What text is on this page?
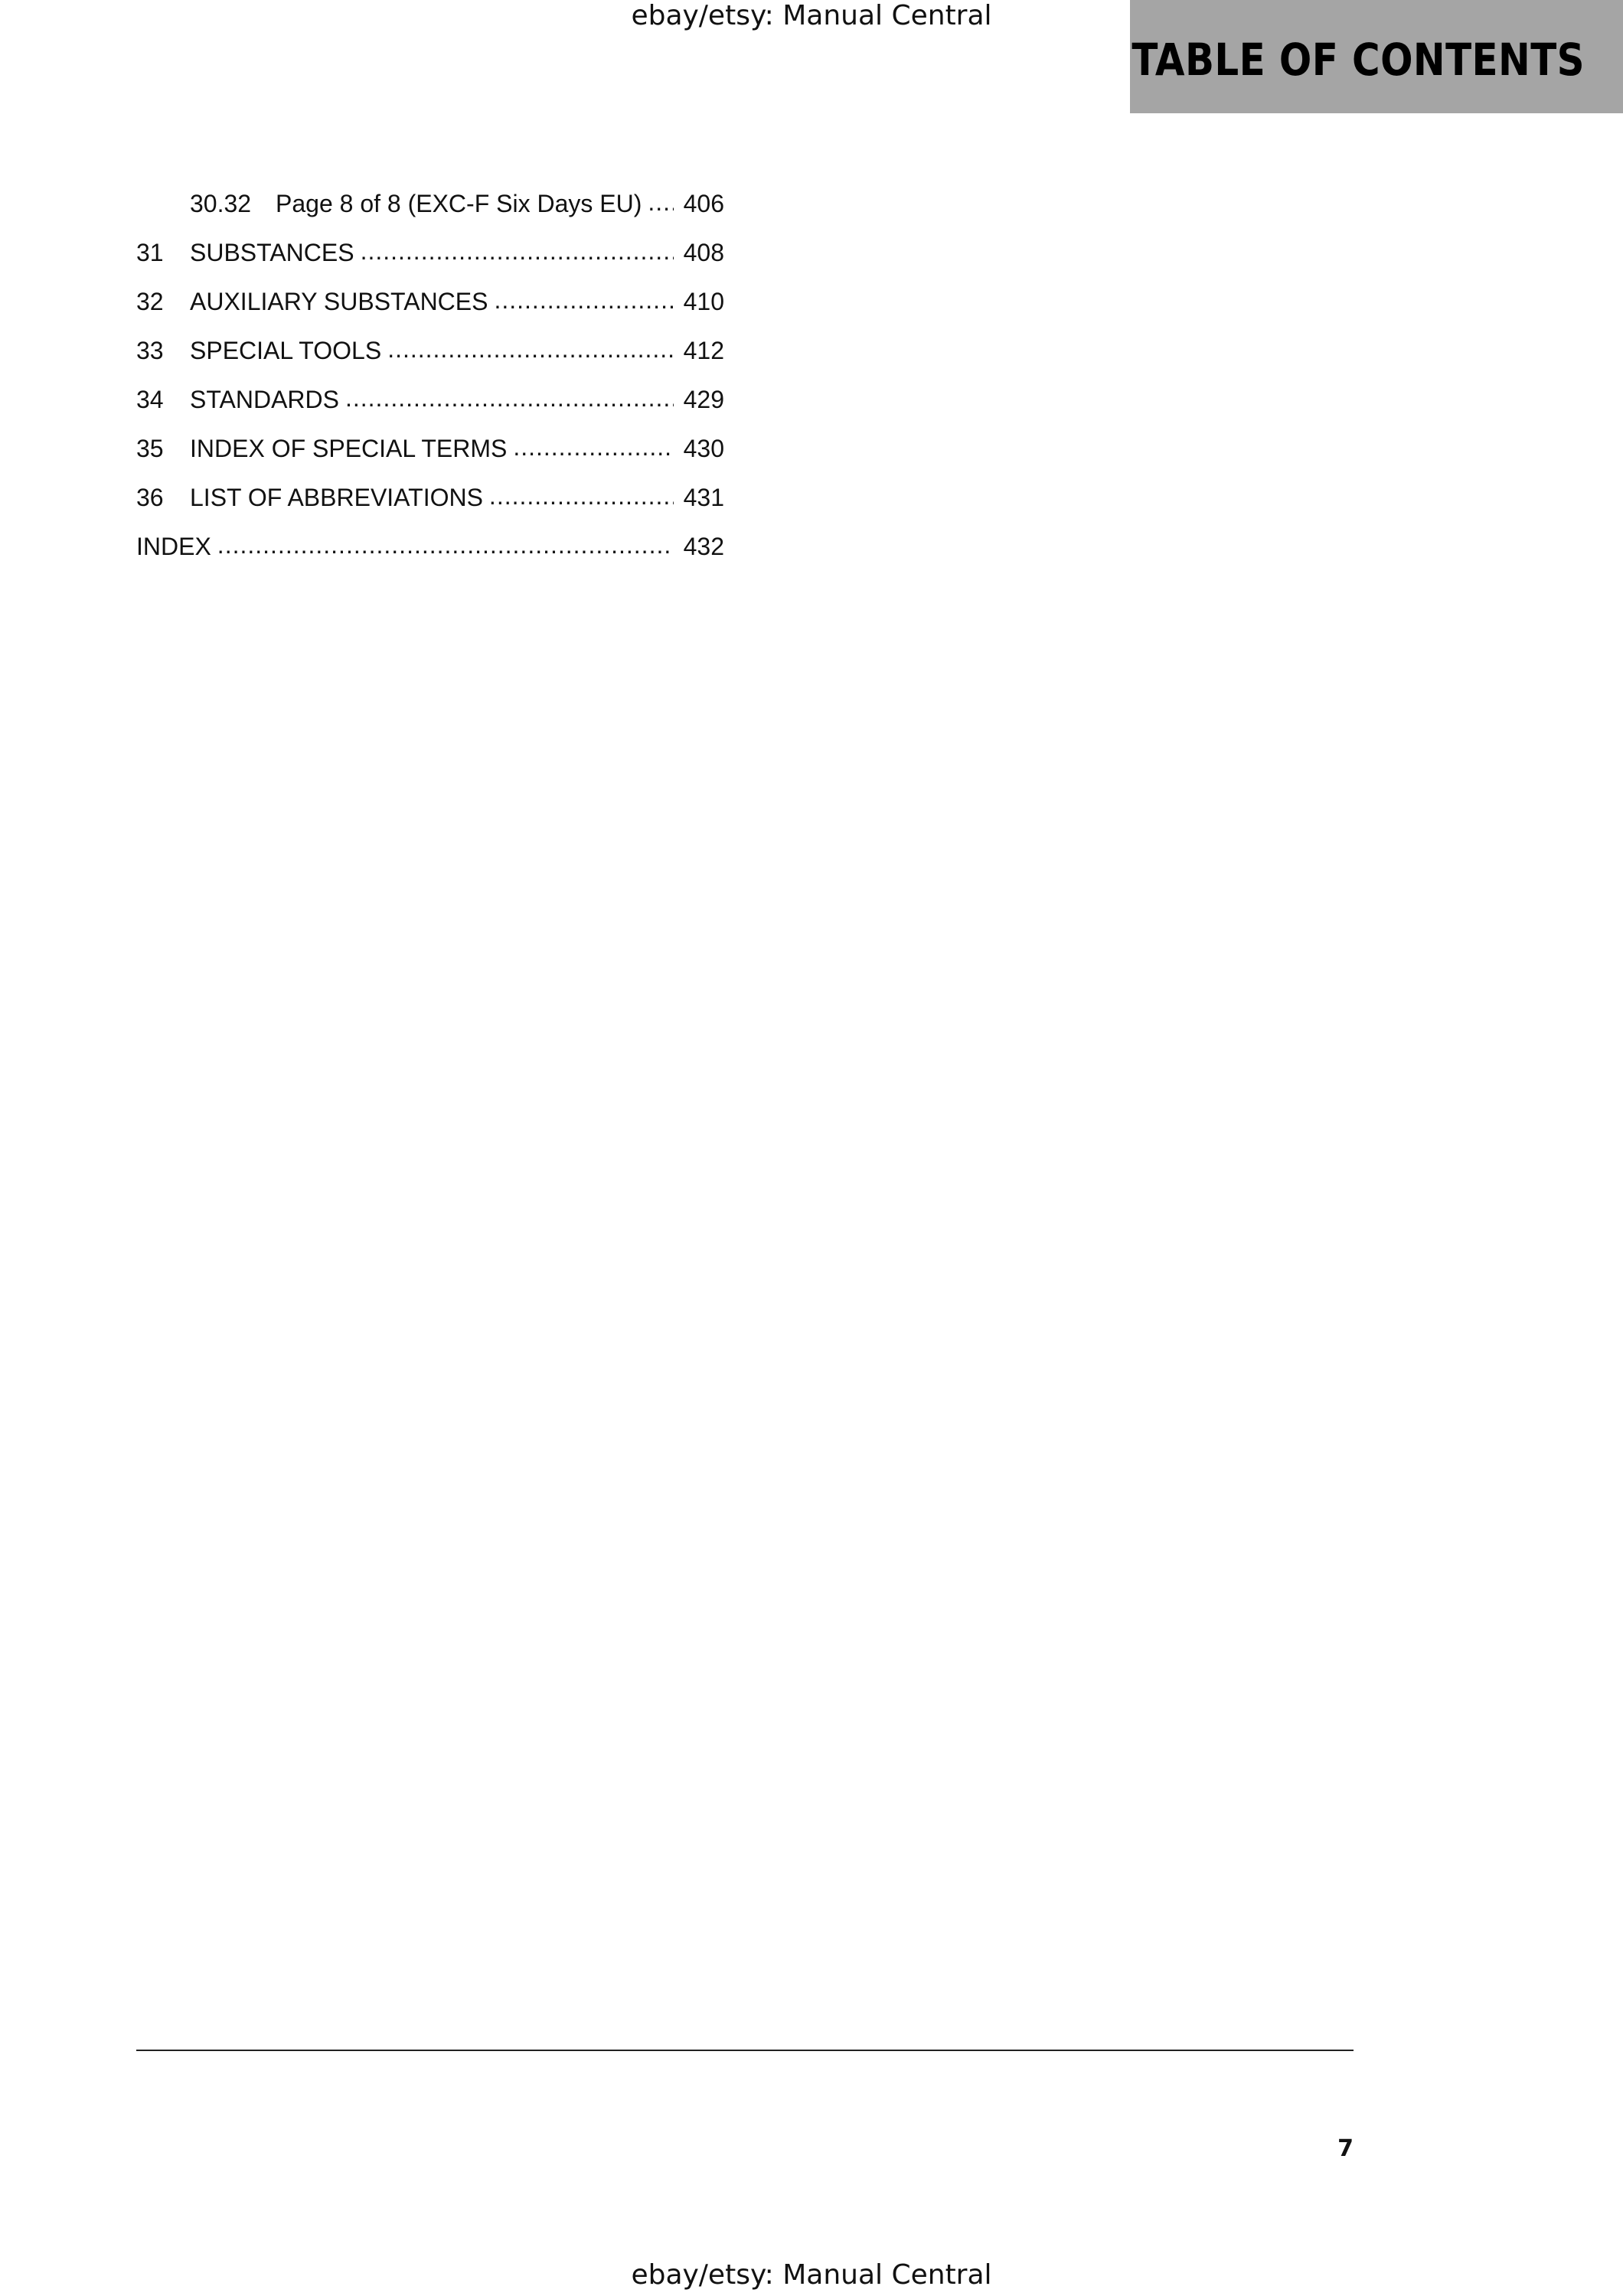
ebay/etsy: Manual Central
TABLE OF CONTENTS
30.32 Page 8 of 8 (EXC-F Six Days EU) ..... 406
31	SUBSTANCES .....	408
32	AUXILIARY SUBSTANCES .....	410
33	SPECIAL TOOLS .....	412
34	STANDARDS .....	429
35	INDEX OF SPECIAL TERMS .....	430
36	LIST OF ABBREVIATIONS .....	431
INDEX .....	432
7
ebay/etsy: Manual Central
